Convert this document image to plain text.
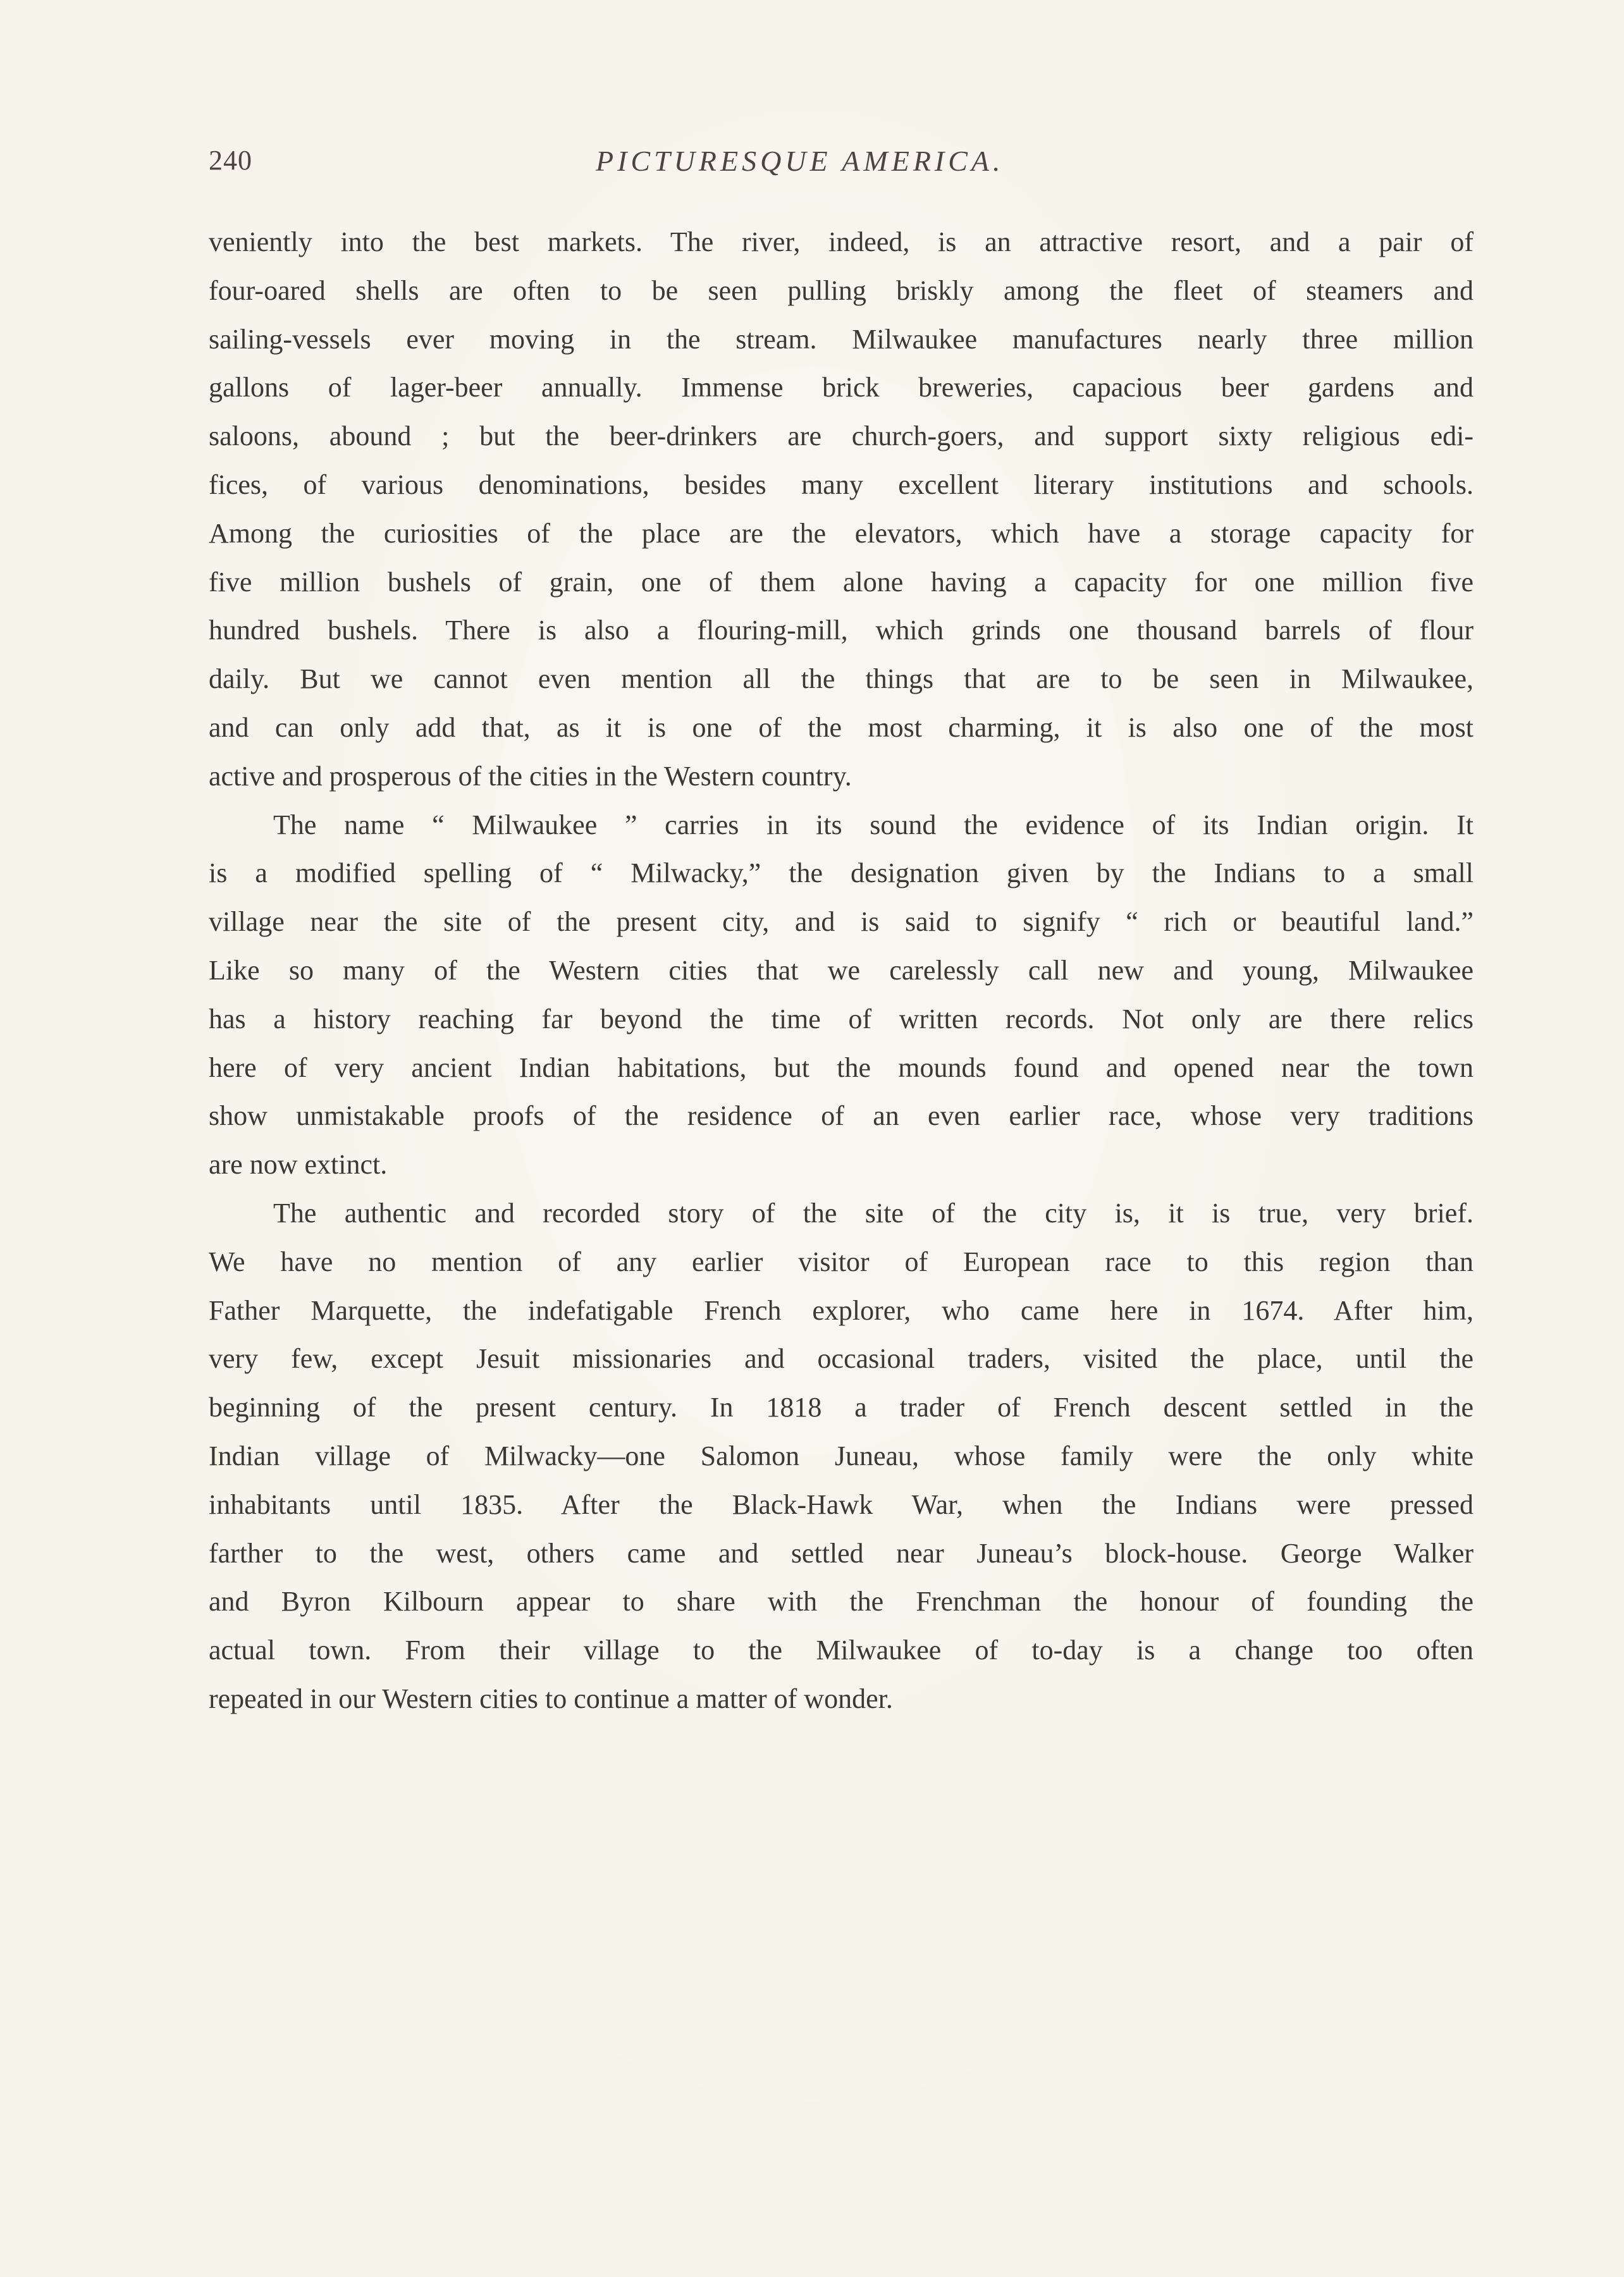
240	PICTURESQUE AMERICA.

veniently into the best markets. The river, indeed, is an attractive resort, and a pair of
four-oared shells are often to be seen pulling briskly among the fleet of steamers and
sailing-vessels ever moving in the stream. Milwaukee manufactures nearly three million
gallons of lager-beer annually. Immense brick breweries, capacious beer gardens and
saloons, abound ; but the beer-drinkers are church-goers, and support sixty religious edi-
fices, of various denominations, besides many excellent literary institutions and schools.
Among the curiosities of the place are the elevators, which have a storage capacity for
five million bushels of grain, one of them alone having a capacity for one million five
hundred bushels. There is also a flouring-mill, which grinds one thousand barrels of flour
daily. But we cannot even mention all the things that are to be seen in Milwaukee,
and can only add that, as it is one of the most charming, it is also one of the most
active and prosperous of the cities in the Western country.

The name “ Milwaukee ” carries in its sound the evidence of its Indian origin. It
is a modified spelling of “ Milwacky,” the designation given by the Indians to a small
village near the site of the present city, and is said to signify “ rich or beautiful land.”
Like so many of the Western cities that we carelessly call new and young, Milwaukee
has a history reaching far beyond the time of written records. Not only are there relics
here of very ancient Indian habitations, but the mounds found and opened near the town
show unmistakable proofs of the residence of an even earlier race, whose very traditions
are now extinct.

The authentic and recorded story of the site of the city is, it is true, very brief.
We have no mention of any earlier visitor of European race to this region than
Father Marquette, the indefatigable French explorer, who came here in 1674. After him,
very few, except Jesuit missionaries and occasional traders, visited the place, until the
beginning of the present century. In 1818 a trader of French descent settled in the
Indian village of Milwacky—one Salomon Juneau, whose family were the only white
inhabitants until 1835. After the Black-Hawk War, when the Indians were pressed
farther to the west, others came and settled near Juneau’s block-house. George Walker
and Byron Kilbourn appear to share with the Frenchman the honour of founding the
actual town. From their village to the Milwaukee of to-day is a change too often
repeated in our Western cities to continue a matter of wonder.
